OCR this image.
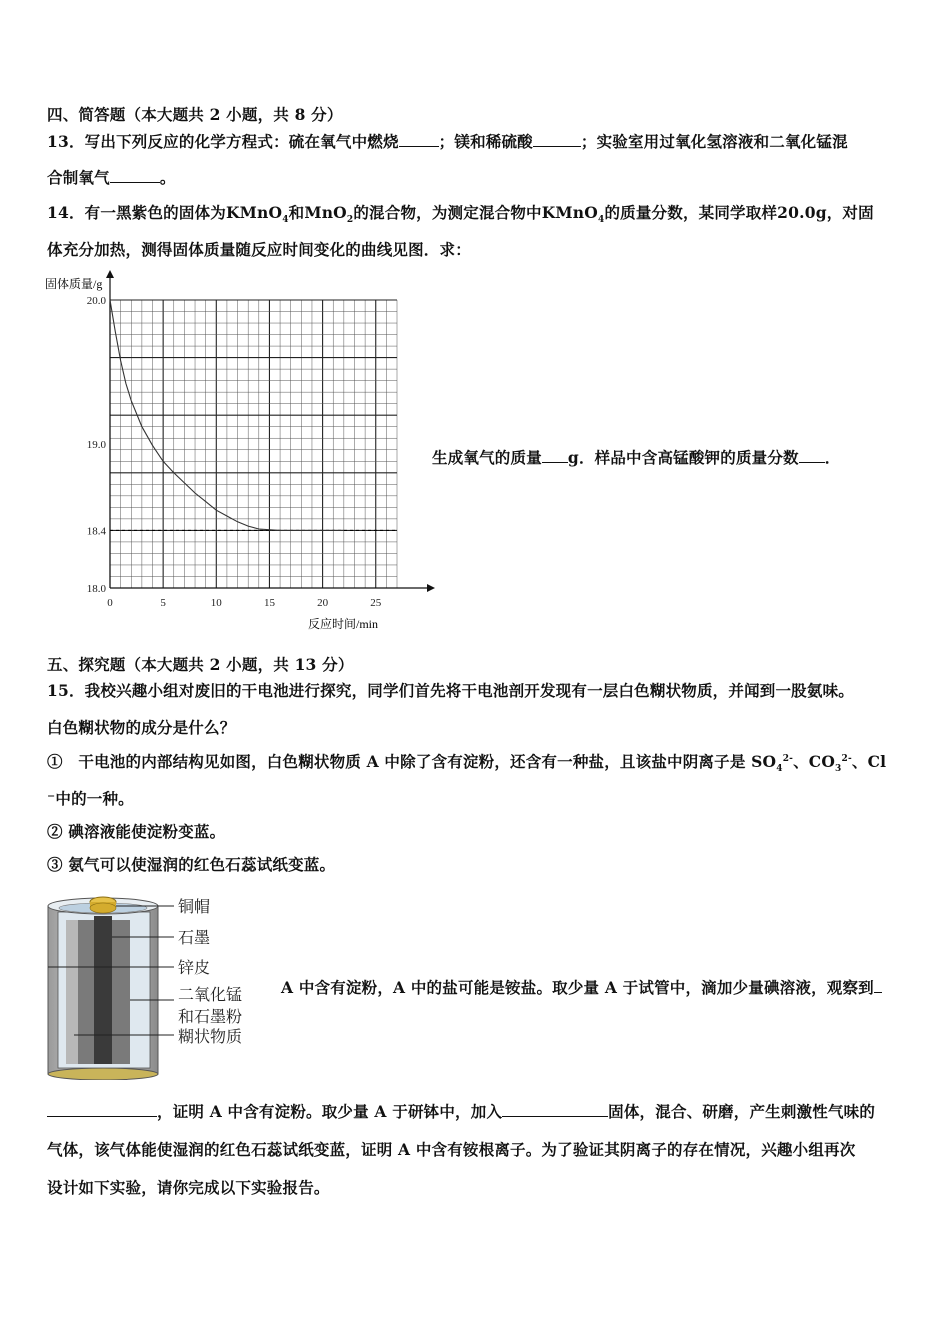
四、简答题（本大题共 2 小题，共 8 分）
13．写出下列反应的化学方程式：硫在氧气中燃烧	；镁和稀硫酸	；实验室用过氧化氢溶液和二氧化锰混
合制氧气	。
14．有一黑紫色的固体为KMnO$_4$和MnO$_2$的混合物，为测定混合物中KMnO$_4$的质量分数，某同学取样20.0g，对固
体充分加热，测得固体质量随反应时间变化的曲线见图．求：
0	5	10	15	20	25
20.0
19.0
18.4
18.0
固体质量/g
反应时间/min
生成氧气的质量 g．样品中含高锰酸钾的质量分数 ．
五、探究题（本大题共 2 小题，共 13 分）
15．我校兴趣小组对废旧的干电池进行探究，同学们首先将干电池剖开发现有一层白色糊状物质，并闻到一股氨味。
白色糊状物的成分是什么？
①　干电池的内部结构见如图，白色糊状物质 A 中除了含有淀粉，还含有一种盐，且该盐中阴离子是 $SO_4^{2-}$、$CO_3^{2-}$、Cl
⁻中的一种。
② 碘溶液能使淀粉变蓝。
③ 氨气可以使湿润的红色石蕊试纸变蓝。
铜帽
石墨
锌皮
二氧化锰
和石墨粉
糊状物质
A 中含有淀粉，A 中的盐可能是铵盐。取少量 A 于试管中，滴加少量碘溶液，观察到
，证明 A 中含有淀粉。取少量 A 于研钵中，加入	固体，混合、研磨，产生刺激性气味的
气体，该气体能使湿润的红色石蕊试纸变蓝，证明 A 中含有铵根离子。为了验证其阴离子的存在情况，兴趣小组再次
设计如下实验，请你完成以下实验报告。
